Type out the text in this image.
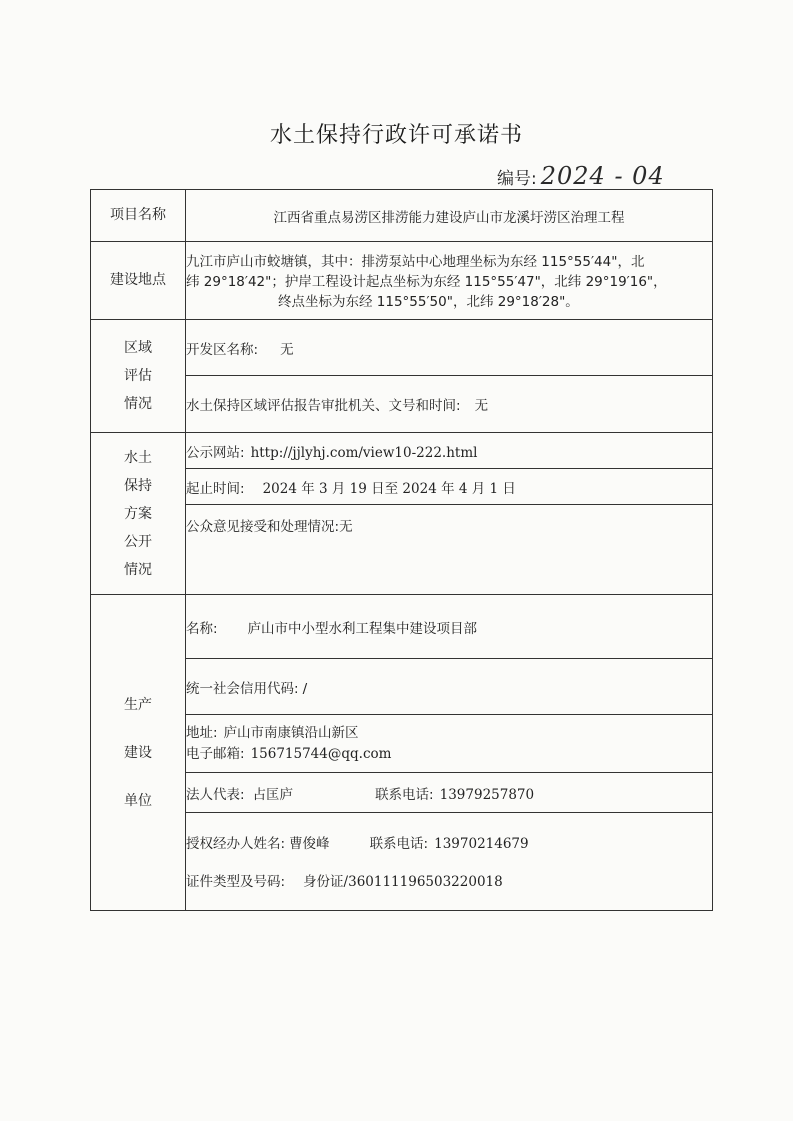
水土保持行政许可承诺书
编号: 2024 - 04
项目名称	江西省重点易涝区排涝能力建设庐山市龙溪圩涝区治理工程
建设地点	九江市庐山市蛟塘镇，其中：排涝泵站中心地理坐标为东经 115°55′44"，北
纬 29°18′42"；护岸工程设计起点坐标为东经 115°55′47"，北纬 29°19′16"，
终点坐标为东经 115°55′50"，北纬 29°18′28"。

区域
评估
情况	开发区名称: 无
	水土保持区域评估报告审批机关、文号和时间: 无

水土
保持
方案
公开
情况	公示网站: http://jjlyhj.com/view10-222.html
	起止时间: 2024 年 3 月 19 日至 2024 年 4 月 1 日
	公众意见接受和处理情况:无

生产
建设
单位	名称: 庐山市中小型水利工程集中建设项目部
	统一社会信用代码: /

	地址: 庐山市南康镇沿山新区
电子邮箱: 156715744@qq.com

	法人代表: 占匡庐 联系电话: 13979257870

	授权经办人姓名: 曹俊峰 联系电话: 13970214679
证件类型及号码: 身份证/360111196503220018
